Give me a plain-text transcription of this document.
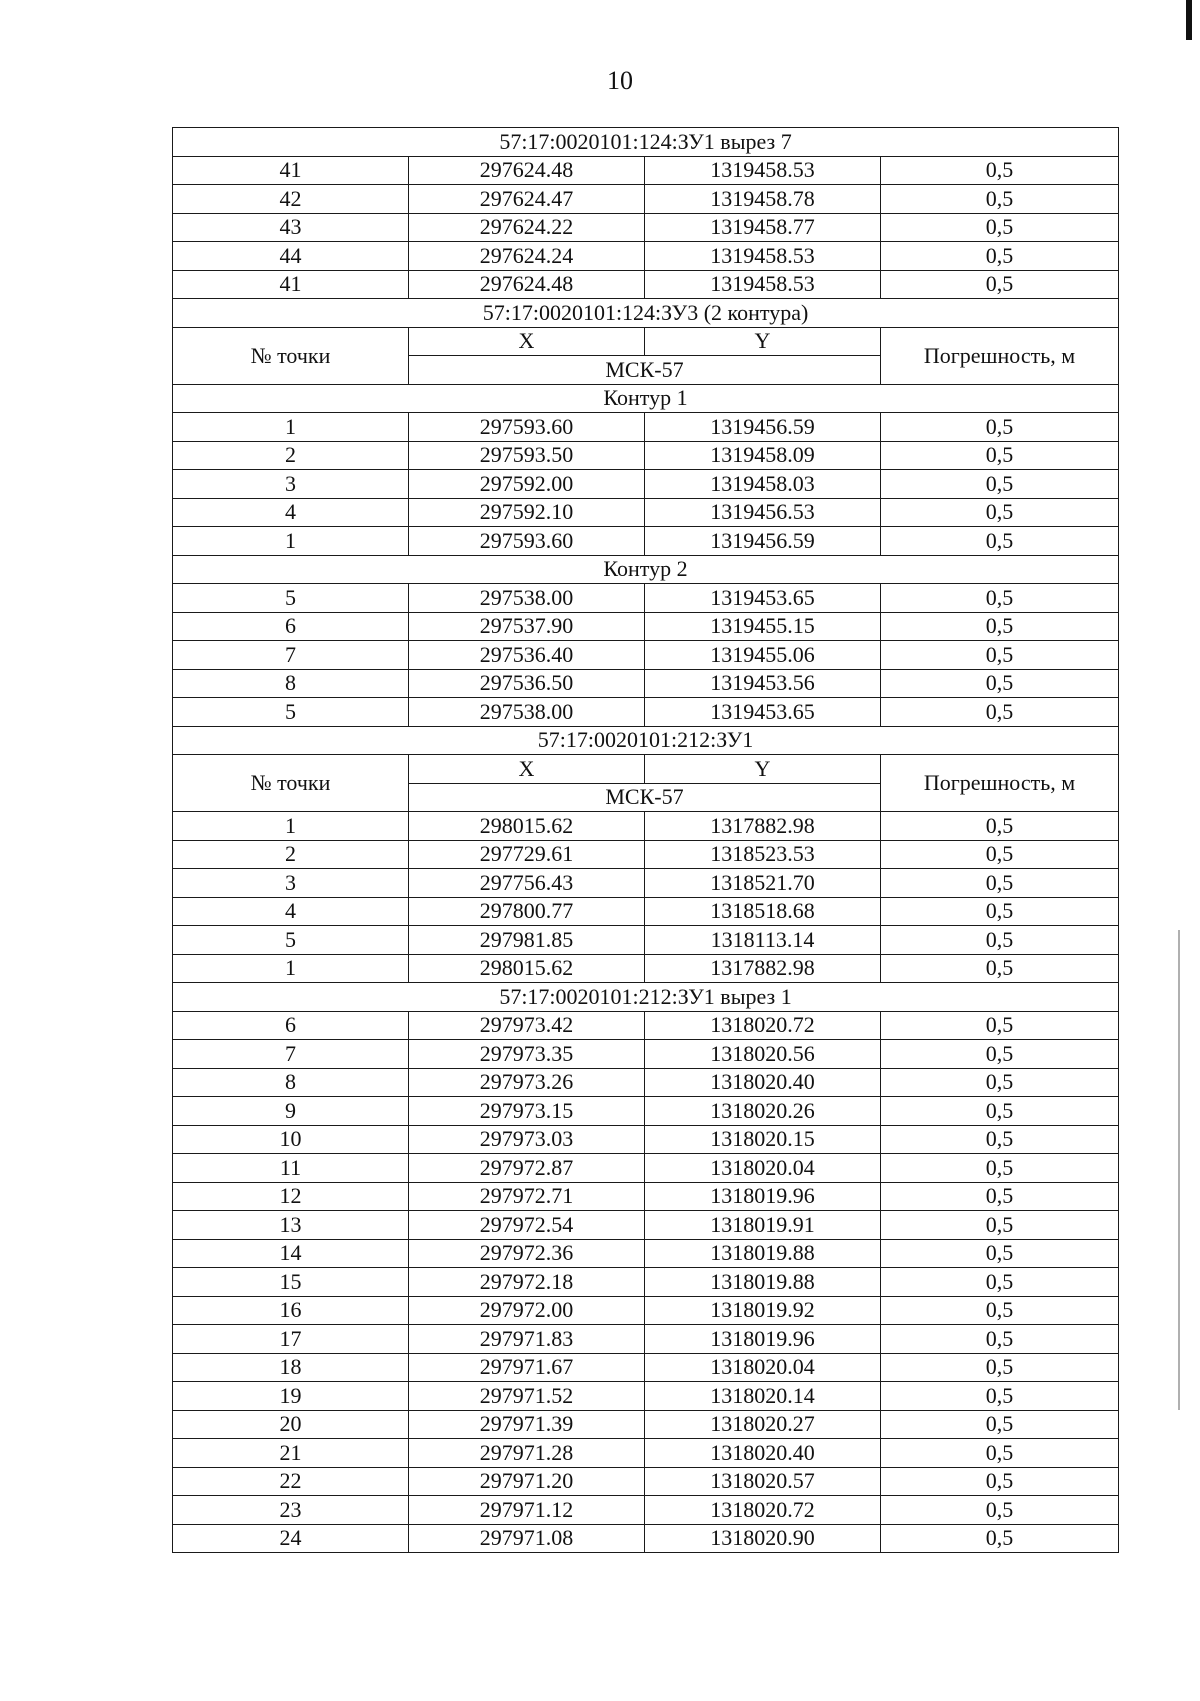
10
57:17:0020101:124:ЗУ1 вырез 7			
41	297624.48	1319458.53	0,5
42	297624.47	1319458.78	0,5
43	297624.22	1319458.77	0,5
44	297624.24	1319458.53	0,5
41	297624.48	1319458.53	0,5
57:17:0020101:124:ЗУ3 (2 контура)			
№ точки	X	Y	Погрешность, м
	МСК-57		
Контур 1			
1	297593.60	1319456.59	0,5
2	297593.50	1319458.09	0,5
3	297592.00	1319458.03	0,5
4	297592.10	1319456.53	0,5
1	297593.60	1319456.59	0,5
Контур 2			
5	297538.00	1319453.65	0,5
6	297537.90	1319455.15	0,5
7	297536.40	1319455.06	0,5
8	297536.50	1319453.56	0,5
5	297538.00	1319453.65	0,5
57:17:0020101:212:ЗУ1			
№ точки	X	Y	Погрешность, м
	МСК-57		
1	298015.62	1317882.98	0,5
2	297729.61	1318523.53	0,5
3	297756.43	1318521.70	0,5
4	297800.77	1318518.68	0,5
5	297981.85	1318113.14	0,5
1	298015.62	1317882.98	0,5
57:17:0020101:212:ЗУ1 вырез 1			
6	297973.42	1318020.72	0,5
7	297973.35	1318020.56	0,5
8	297973.26	1318020.40	0,5
9	297973.15	1318020.26	0,5
10	297973.03	1318020.15	0,5
11	297972.87	1318020.04	0,5
12	297972.71	1318019.96	0,5
13	297972.54	1318019.91	0,5
14	297972.36	1318019.88	0,5
15	297972.18	1318019.88	0,5
16	297972.00	1318019.92	0,5
17	297971.83	1318019.96	0,5
18	297971.67	1318020.04	0,5
19	297971.52	1318020.14	0,5
20	297971.39	1318020.27	0,5
21	297971.28	1318020.40	0,5
22	297971.20	1318020.57	0,5
23	297971.12	1318020.72	0,5
24	297971.08	1318020.90	0,5
